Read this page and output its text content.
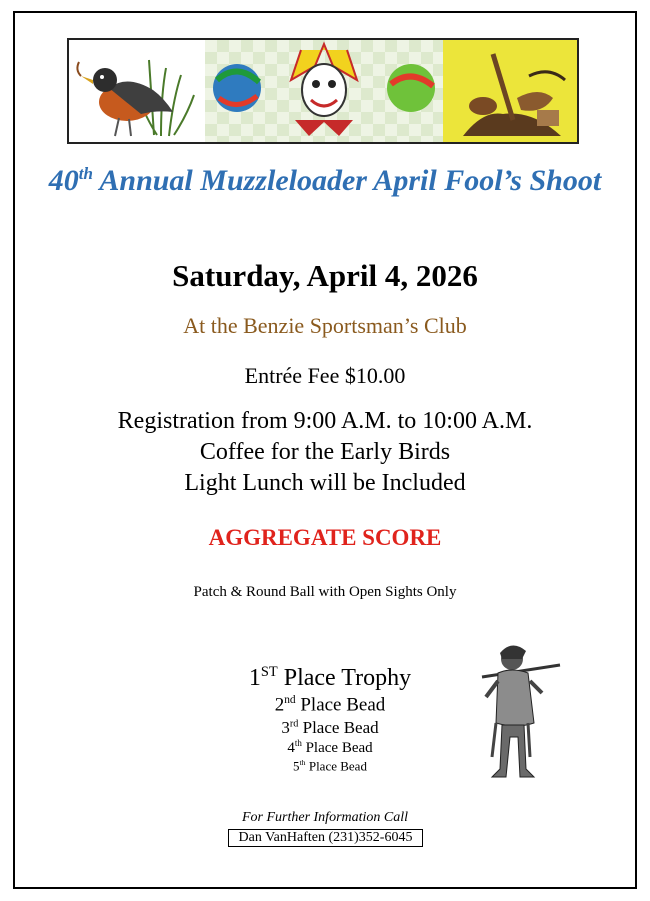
40th Annual Muzzleloader April Fool’s Shoot
Saturday, April 4, 2026
At the Benzie Sportsman’s Club
Entrée Fee $10.00
Registration from 9:00 A.M. to 10:00 A.M.
Coffee for the Early Birds
Light Lunch will be Included
AGGREGATE SCORE
Patch & Round Ball with Open Sights Only
1ST Place Trophy
2nd Place Bead
3rd Place Bead
4th Place Bead
5th Place Bead
For Further Information Call
Dan VanHaften (231)352-6045
